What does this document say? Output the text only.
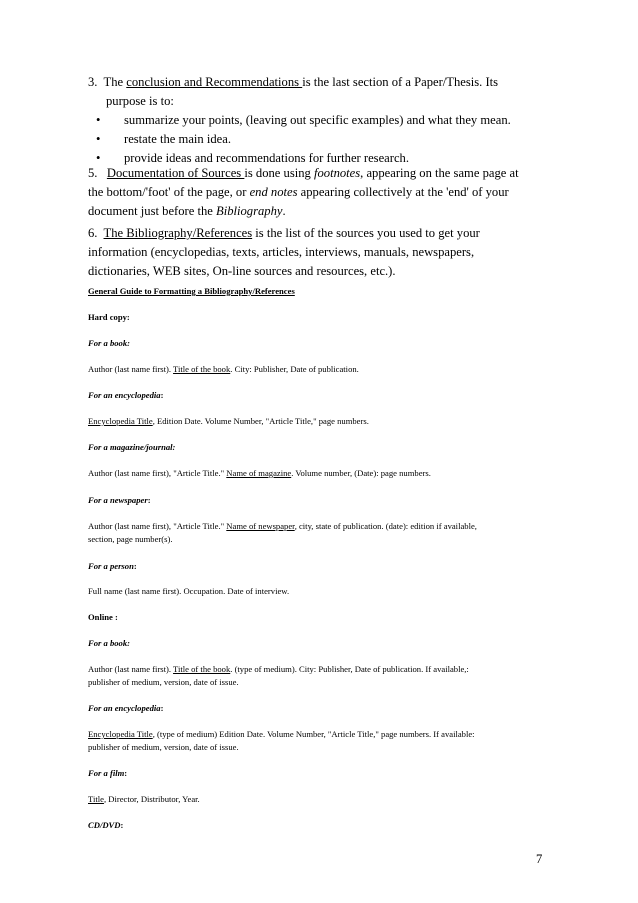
3. The conclusion and Recommendations is the last section of a Paper/Thesis. Its
purpose is to:
• summarize your points, (leaving out specific examples) and what they mean.
• restate the main idea.
• provide ideas and recommendations for further research.
5. Documentation of Sources is done using footnotes, appearing on the same page at
the bottom/'foot' of the page, or end notes appearing collectively at the 'end' of your
document just before the Bibliography.
6. The Bibliography/References is the list of the sources you used to get your
information (encyclopedias, texts, articles, interviews, manuals, newspapers,
dictionaries, WEB sites, On-line sources and resources, etc.).
General Guide to Formatting a Bibliography/References
Hard copy:
For a book:
Author (last name first). Title of the book. City: Publisher, Date of publication.
For an encyclopedia:
Encyclopedia Title, Edition Date. Volume Number, "Article Title," page numbers.
For a magazine/journal:
Author (last name first), "Article Title." Name of magazine. Volume number, (Date): page numbers.
For a newspaper:
Author (last name first), "Article Title." Name of newspaper, city, state of publication. (date): edition if available,
section, page number(s).
For a person:
Full name (last name first). Occupation. Date of interview.
Online :
For a book:
Author (last name first). Title of the book. (type of medium). City: Publisher, Date of publication. If available,:
publisher of medium, version, date of issue.
For an encyclopedia:
Encyclopedia Title, (type of medium) Edition Date. Volume Number, "Article Title," page numbers. If available:
publisher of medium, version, date of issue.
For a film:
Title, Director, Distributor, Year.
CD/DVD:
7
